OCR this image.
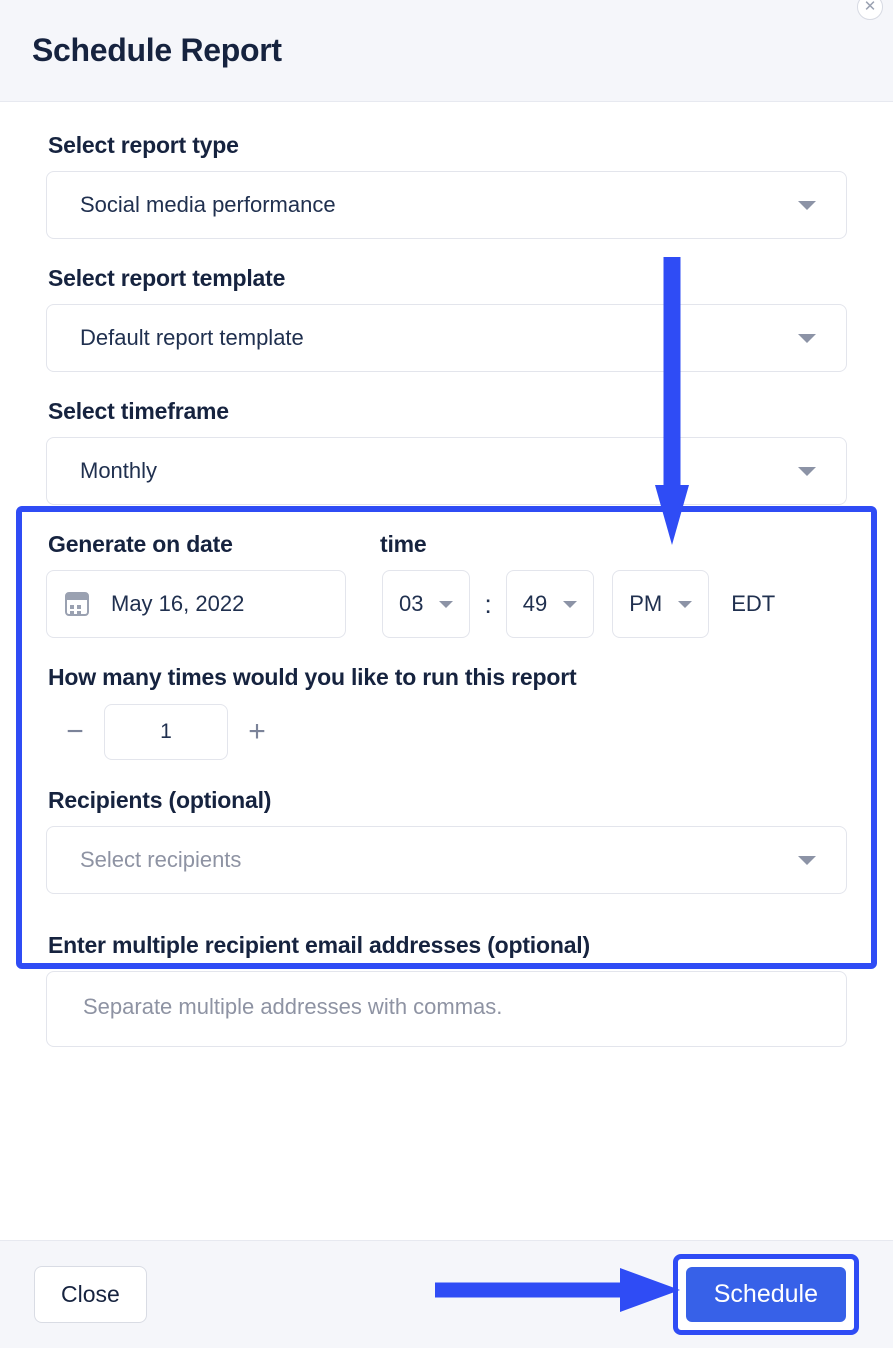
Schedule Report
✕
Select report type
Social media performance
Select report template
Default report template
Select timeframe
Monthly
Generate on date	time
May 16, 2022	03	:	49	PM	EDT
How many times would you like to run this report
−	1	+
Recipients (optional)
Select recipients
Enter multiple recipient email addresses (optional)
Separate multiple addresses with commas.
Close	Schedule
